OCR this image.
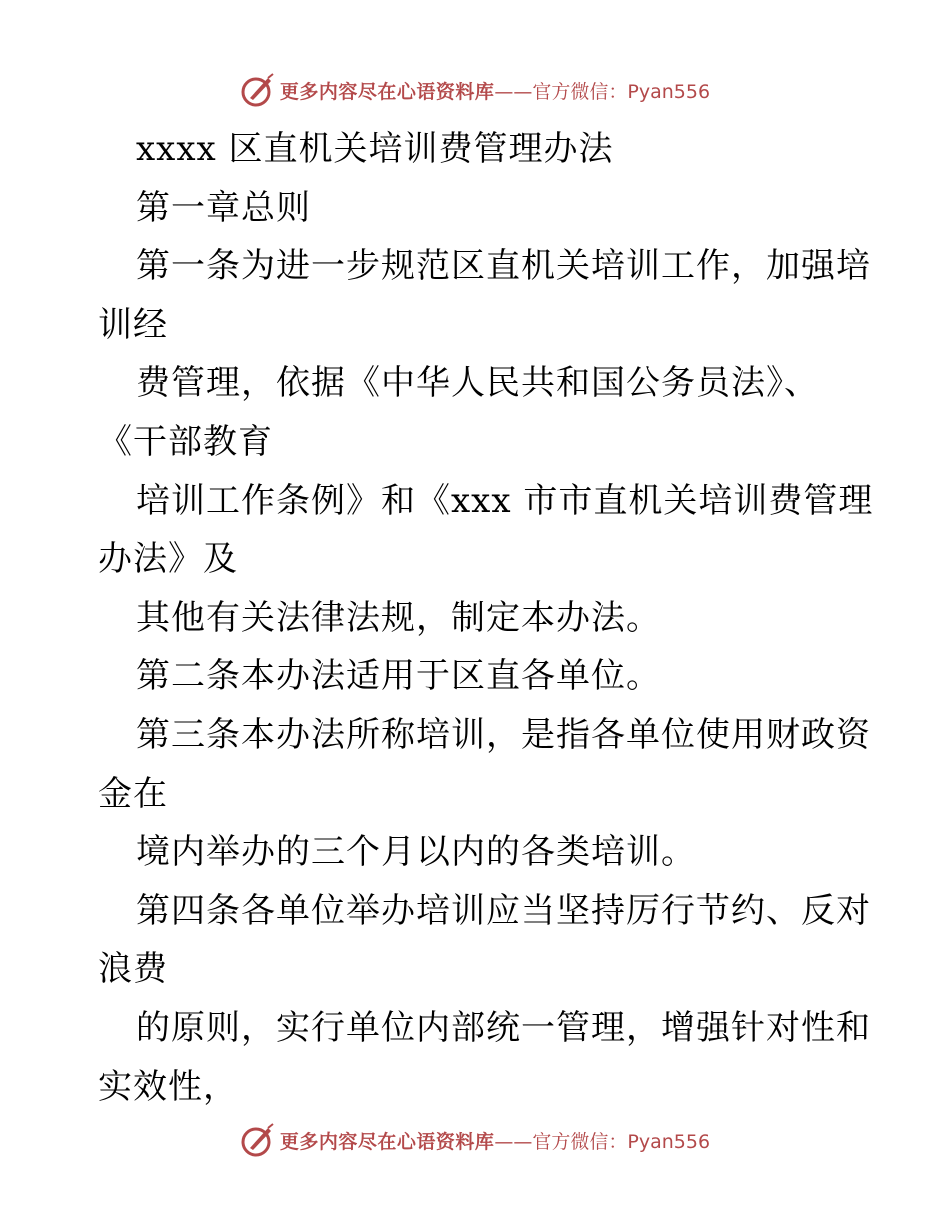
更多内容尽在心语资料库 ——官方微信：Pyan556
xxxx 区直机关培训费管理办法
第一章总则
第一条为进一步规范区直机关培训工作，加强培
训经
费管理，依据《中华人民共和国公务员法》、
《干部教育
培训工作条例》和《xxx 市市直机关培训费管理
办法》及
其他有关法律法规，制定本办法。
第二条本办法适用于区直各单位。
第三条本办法所称培训，是指各单位使用财政资
金在
境内举办的三个月以内的各类培训。
第四条各单位举办培训应当坚持厉行节约、反对
浪费
的原则，实行单位内部统一管理，增强针对性和
实效性，
更多内容尽在心语资料库 ——官方微信：Pyan556
